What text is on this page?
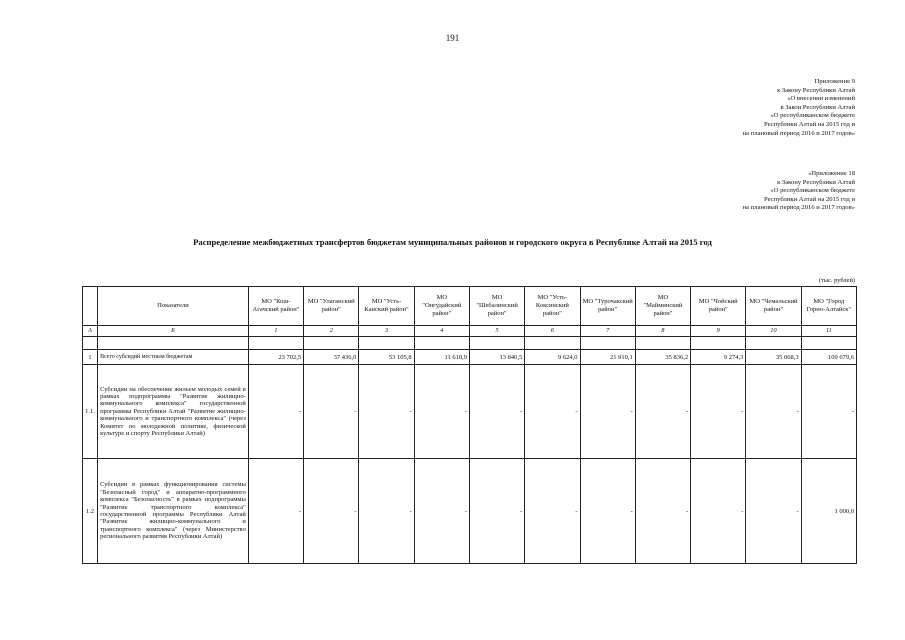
191
Приложение 9
к Закону Республики Алтай
«О внесении изменений
в Закон Республики Алтай
«О республиканском бюджете
Республики Алтай на 2015 год и
на плановый период 2016 и 2017 годов»
«Приложение 18
к Закону Республики Алтай
«О республиканском бюджете
Республики Алтай на 2015 год и
на плановый период 2016 и 2017 годов»
Распределение межбюджетных трансфертов бюджетам муниципальных районов и городского округа в Республике Алтай на 2015 год
(тыс. рублей)
	Показатели	МО "Кош-Агачский район"	МО "Улаганский район"	МО "Усть-Канский район"	МО "Онгудайский район"	МО "Шебалинский район"	МО "Усть-Коксинский район"	МО "Турочакский район"	МО "Майминский район"	МО "Чойский район"	МО "Чемальский район"	МО "Город Горно-Алтайск"
А	Б	1	2	3	4	5	6	7	8	9	10	11

1	Всего субсидий местным бюджетам	23 702,5	37 436,0	53 105,8	11 618,9	13 840,5	9 624,0	21 910,1	35 836,2	9 274,3	35 068,3	109 679,6
1.1.	Субсидии на обеспечение жильем молодых семей в рамках подпрограммы "Развитие жилищно-коммунального комплекса" государственной программы Республики Алтай "Развитие жилищно-коммунального и транспортного комплекса" (через Комитет по молодежной политике, физической культуре и спорту Республики Алтай)	-	-	-	-	-	-	-	-	-	-	-
1.2	Субсидии в рамках функционирования системы "Безопасный город" и аппаратно-программного комплекса "Безопасность" в рамках подпрограммы "Развитие транспортного комплекса" государственной программы Республики Алтай "Развитие жилищно-коммунального и транспортного комплекса" (через Министерство регионального развития Республики Алтай)	-	-	-	-	-	-	-	-	-	-	1 000,0
